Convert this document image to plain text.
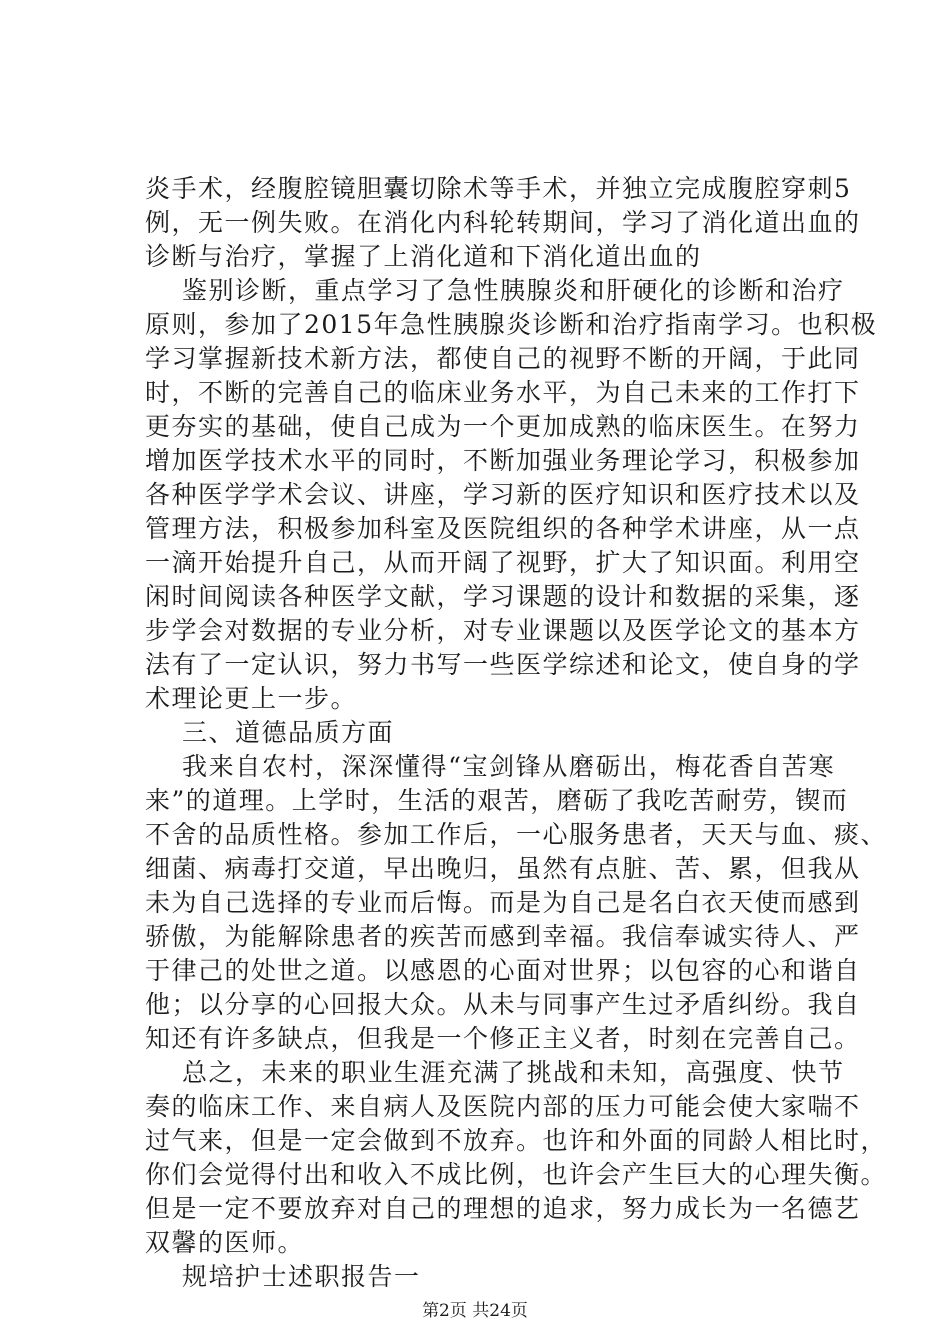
炎手术，经腹腔镜胆囊切除术等手术，并独立完成腹腔穿刺5
例，无一例失败。在消化内科轮转期间，学习了消化道出血的
诊断与治疗，掌握了上消化道和下消化道出血的
鉴别诊断，重点学习了急性胰腺炎和肝硬化的诊断和治疗
原则，参加了2015年急性胰腺炎诊断和治疗指南学习。也积极
学习掌握新技术新方法，都使自己的视野不断的开阔，于此同
时，不断的完善自己的临床业务水平，为自己未来的工作打下
更夯实的基础，使自己成为一个更加成熟的临床医生。在努力
增加医学技术水平的同时，不断加强业务理论学习，积极参加
各种医学学术会议、讲座，学习新的医疗知识和医疗技术以及
管理方法，积极参加科室及医院组织的各种学术讲座，从一点
一滴开始提升自己，从而开阔了视野，扩大了知识面。利用空
闲时间阅读各种医学文献，学习课题的设计和数据的采集，逐
步学会对数据的专业分析，对专业课题以及医学论文的基本方
法有了一定认识，努力书写一些医学综述和论文，使自身的学
术理论更上一步。
三、道德品质方面
我来自农村，深深懂得“宝剑锋从磨砺出，梅花香自苦寒
来”的道理。上学时，生活的艰苦，磨砺了我吃苦耐劳，锲而
不舍的品质性格。参加工作后，一心服务患者，天天与血、痰、
细菌、病毒打交道，早出晚归，虽然有点脏、苦、累，但我从
未为自己选择的专业而后悔。而是为自己是名白衣天使而感到
骄傲，为能解除患者的疾苦而感到幸福。我信奉诚实待人、严
于律己的处世之道。以感恩的心面对世界；以包容的心和谐自
他；以分享的心回报大众。从未与同事产生过矛盾纠纷。我自
知还有许多缺点，但我是一个修正主义者，时刻在完善自己。
总之，未来的职业生涯充满了挑战和未知，高强度、快节
奏的临床工作、来自病人及医院内部的压力可能会使大家喘不
过气来，但是一定会做到不放弃。也许和外面的同龄人相比时，
你们会觉得付出和收入不成比例，也许会产生巨大的心理失衡。
但是一定不要放弃对自己的理想的追求，努力成长为一名德艺
双馨的医师。
规培护士述职报告一
第2页 共24页
